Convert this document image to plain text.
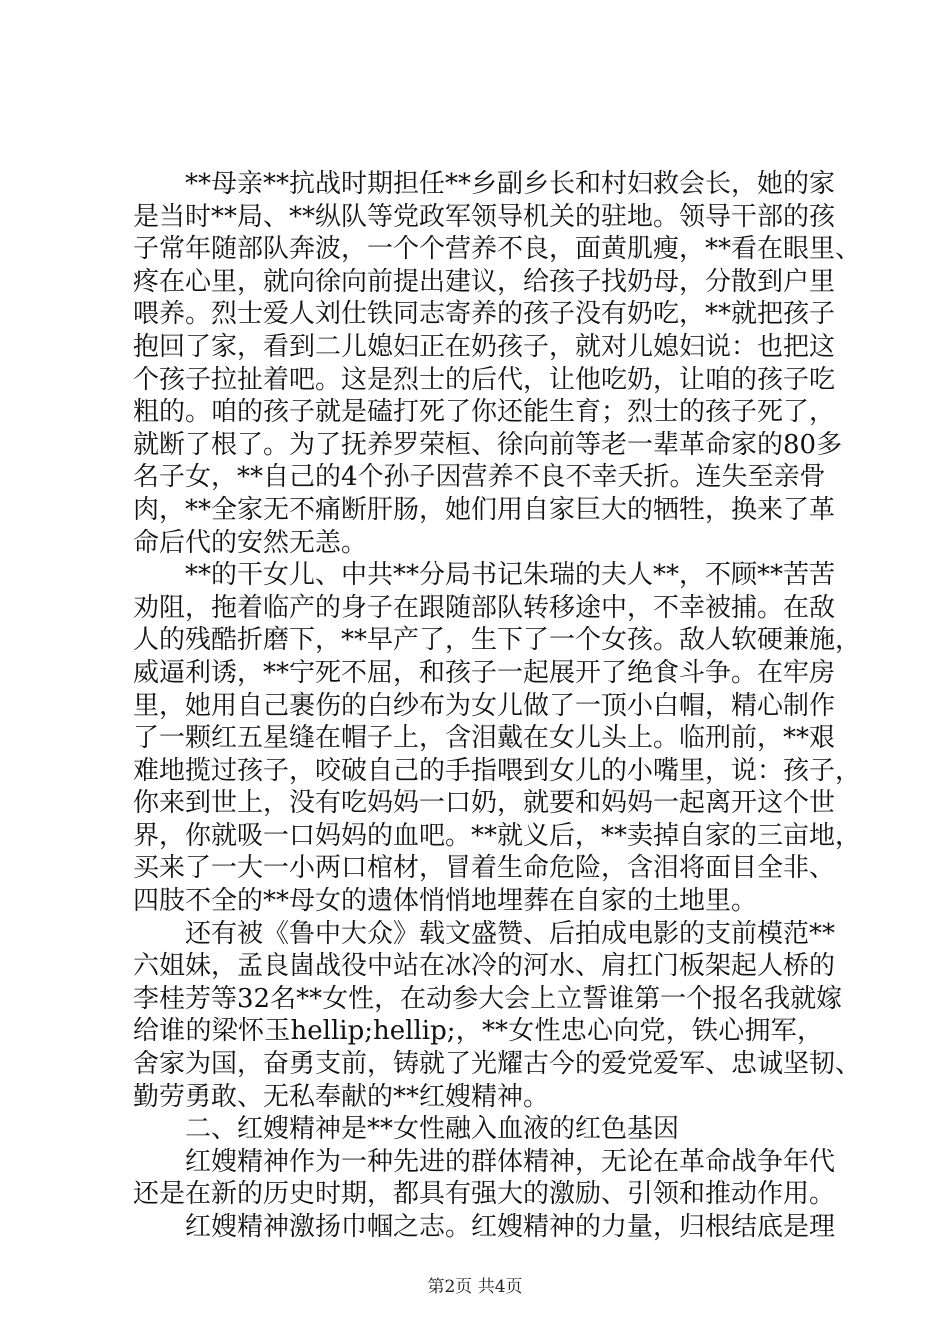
**母亲**抗战时期担任**乡副乡长和村妇救会长，她的家
是当时**局、**纵队等党政军领导机关的驻地。领导干部的孩
子常年随部队奔波，一个个营养不良，面黄肌瘦，**看在眼里、
疼在心里，就向徐向前提出建议，给孩子找奶母，分散到户里
喂养。烈士爱人刘仕铁同志寄养的孩子没有奶吃，**就把孩子
抱回了家，看到二儿媳妇正在奶孩子，就对儿媳妇说：也把这
个孩子拉扯着吧。这是烈士的后代，让他吃奶，让咱的孩子吃
粗的。咱的孩子就是磕打死了你还能生育；烈士的孩子死了，
就断了根了。为了抚养罗荣桓、徐向前等老一辈革命家的80多
名子女，**自己的4个孙子因营养不良不幸夭折。连失至亲骨
肉，**全家无不痛断肝肠，她们用自家巨大的牺牲，换来了革
命后代的安然无恙。
**的干女儿、中共**分局书记朱瑞的夫人**，不顾**苦苦
劝阻，拖着临产的身子在跟随部队转移途中，不幸被捕。在敌
人的残酷折磨下，**早产了，生下了一个女孩。敌人软硬兼施，
威逼利诱，**宁死不屈，和孩子一起展开了绝食斗争。在牢房
里，她用自己裹伤的白纱布为女儿做了一顶小白帽，精心制作
了一颗红五星缝在帽子上，含泪戴在女儿头上。临刑前，**艰
难地揽过孩子，咬破自己的手指喂到女儿的小嘴里，说：孩子，
你来到世上，没有吃妈妈一口奶，就要和妈妈一起离开这个世
界，你就吸一口妈妈的血吧。**就义后，**卖掉自家的三亩地，
买来了一大一小两口棺材，冒着生命危险，含泪将面目全非、
四肢不全的**母女的遗体悄悄地埋葬在自家的土地里。
还有被《鲁中大众》载文盛赞、后拍成电影的支前模范**
六姐妹，孟良崮战役中站在冰冷的河水、肩扛门板架起人桥的
李桂芳等32名**女性，在动参大会上立誓谁第一个报名我就嫁
给谁的梁怀玉hellip;hellip;，**女性忠心向党，铁心拥军，
舍家为国，奋勇支前，铸就了光耀古今的爱党爱军、忠诚坚韧、
勤劳勇敢、无私奉献的**红嫂精神。
二、红嫂精神是**女性融入血液的红色基因
红嫂精神作为一种先进的群体精神，无论在革命战争年代
还是在新的历史时期，都具有强大的激励、引领和推动作用。
红嫂精神激扬巾帼之志。红嫂精神的力量，归根结底是理
第2页 共4页
